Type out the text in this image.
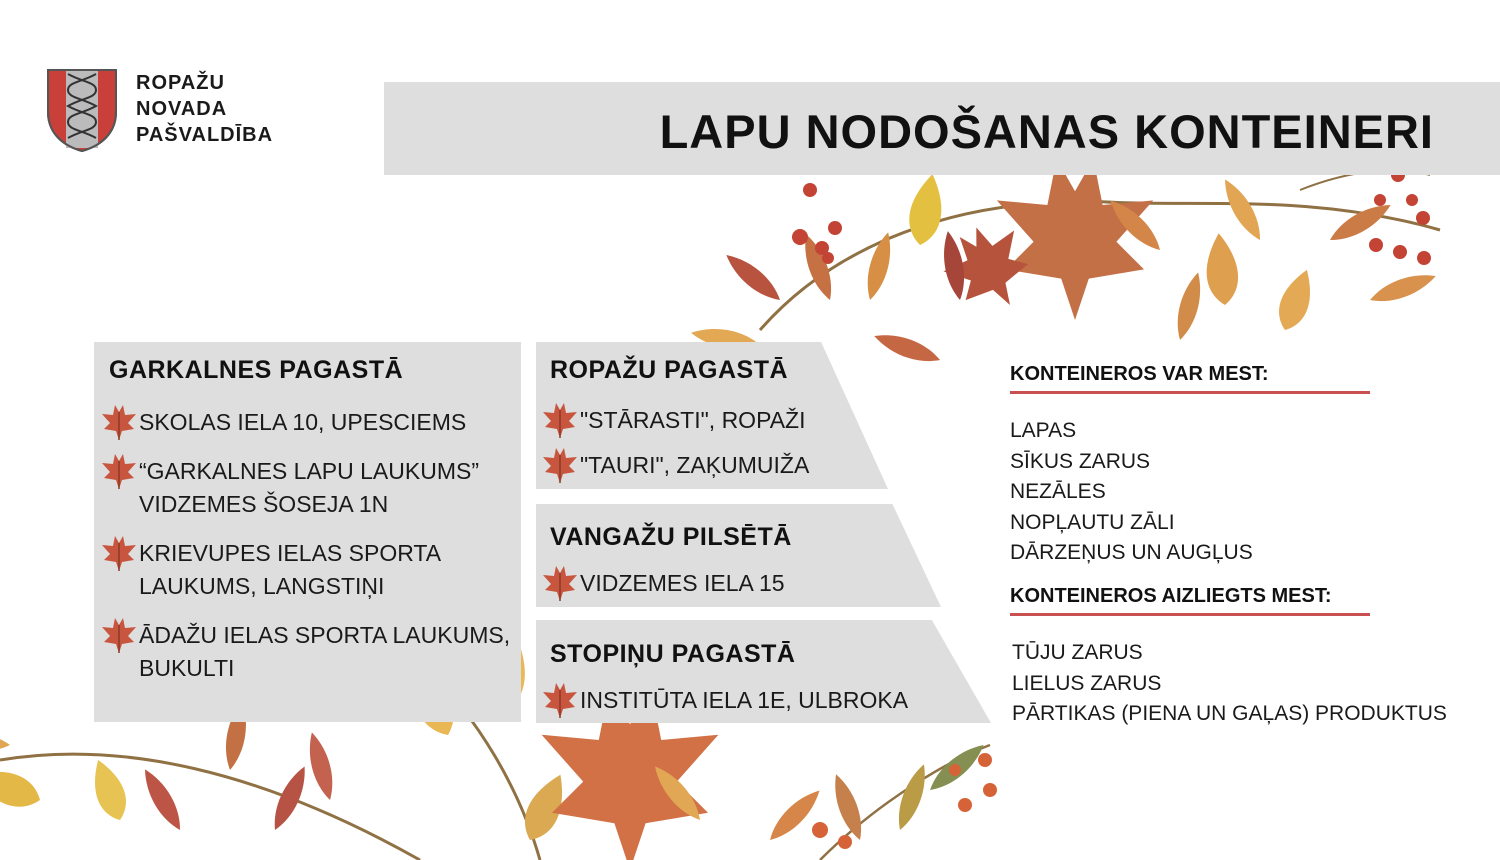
ROPAŽU
NOVADA
PAŠVALDĪBA	LAPU NODOŠANAS KONTEINERI
GARKALNES PAGASTĀ
SKOLAS IELA 10, UPESCIEMS
“GARKALNES LAPU LAUKUMS”
VIDZEMES ŠOSEJA 1N
KRIEVUPES IELAS SPORTA
LAUKUMS, LANGSTIŅI
ĀDAŽU IELAS SPORTA LAUKUMS,
BUKULTI
ROPAŽU PAGASTĀ
"STĀRASTI", ROPAŽI
"TAURI", ZAĶUMUIŽA
VANGAŽU PILSĒTĀ
VIDZEMES IELA 15
STOPIŅU PAGASTĀ
INSTITŪTA IELA 1E, ULBROKA
KONTEINEROS VAR MEST:
LAPAS
SĪKUS ZARUS
NEZĀLES
NOPĻAUTU ZĀLI
DĀRZEŅUS UN AUGĻUS
KONTEINEROS AIZLIEGTS MEST:
TŪJU ZARUS
LIELUS ZARUS
PĀRTIKAS (PIENA UN GAĻAS) PRODUKTUS
